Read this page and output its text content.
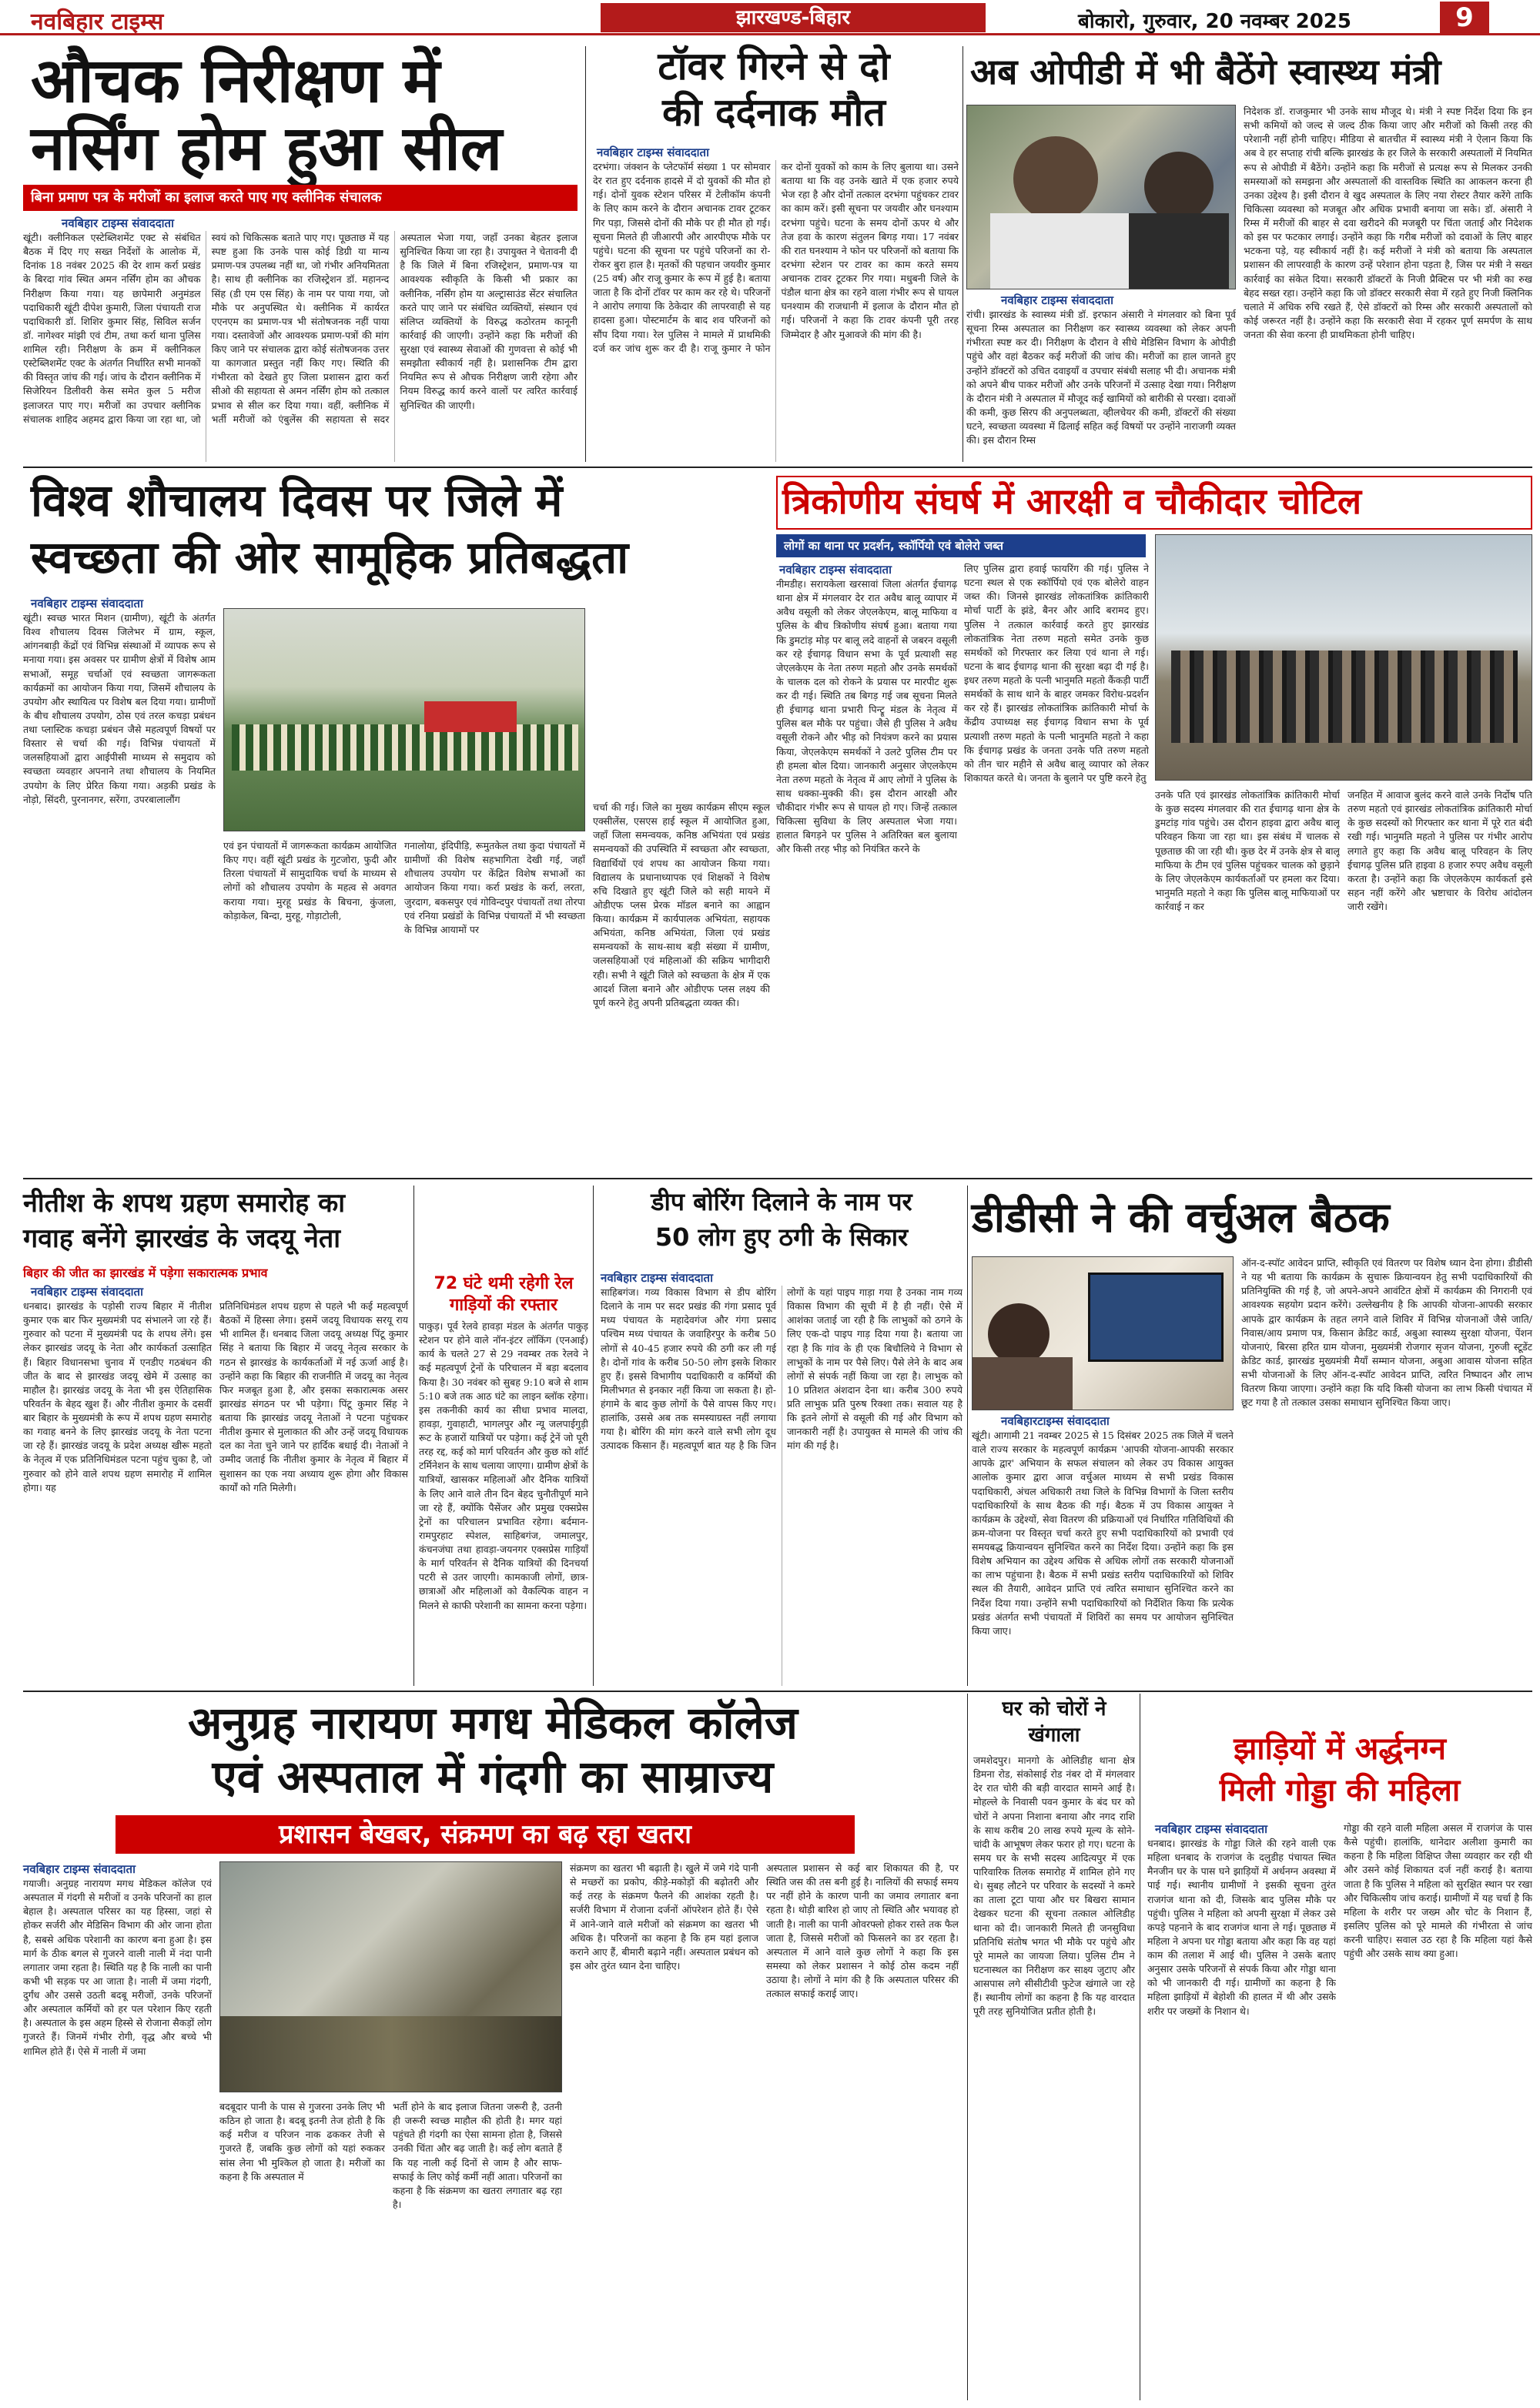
नवबिहार टाइम्स	झारखण्ड-बिहार	बोकारो, गुरुवार, 20 नवम्बर 2025	9
औचक निरीक्षण में
नर्सिंग होम हुआ सील
बिना प्रमाण पत्र के मरीजों का इलाज करते पाए गए क्लीनिक संचालक
नवबिहार टाइम्स संवाददाता
खूंटी। क्लीनिकल एस्टेब्लिशमेंट एक्ट से संबंधित बैठक में दिए गए सख्त निर्देशों के आलोक में, दिनांक 18 नवंबर 2025 की देर शाम कर्रा प्रखंड के बिरदा गांव स्थित अमन नर्सिंग होम का औचक निरीक्षण किया गया। यह छापेमारी अनुमंडल पदाधिकारी खूंटी दीपेश कुमारी, जिला पंचायती राज पदाधिकारी डॉ. शिशिर कुमार सिंह, सिविल सर्जन डॉ. नागेश्वर मांझी एवं टीम, तथा कर्रा थाना पुलिस शामिल रही। निरीक्षण के क्रम में क्लीनिकल एस्टेब्लिशमेंट एक्ट के अंतर्गत निर्धारित सभी मानकों की विस्तृत जांच की गई। जांच के दौरान क्लीनिक में सिजेरियन डिलीवरी केस समेत कुल 5 मरीज इलाजरत पाए गए। मरीजों का उपचार क्लीनिक संचालक शाहिद अहमद द्वारा किया जा रहा था, जो स्वयं को चिकित्सक बताते पाए गए। पूछताछ में यह स्पष्ट हुआ कि उनके पास कोई डिग्री या मान्य प्रमाण-पत्र उपलब्ध नहीं था, जो गंभीर अनियमितता है। साथ ही क्लीनिक का रजिस्ट्रेशन डॉ. महानन्द सिंह (डी एम एस सिंह) के नाम पर पाया गया, जो मौके पर अनुपस्थित थे। क्लीनिक में कार्यरत एएनएम का प्रमाण-पत्र भी संतोषजनक नहीं पाया गया। दस्तावेजों और आवश्यक प्रमाण-पत्रों की मांग किए जाने पर संचालक द्वारा कोई संतोषजनक उत्तर या कागजात प्रस्तुत नहीं किए गए। स्थिति की गंभीरता को देखते हुए जिला प्रशासन द्वारा कर्रा सीओ की सहायता से अमन नर्सिंग होम को तत्काल प्रभाव से सील कर दिया गया। वहीं, क्लीनिक में भर्ती मरीजों को एंबुलेंस की सहायता से सदर अस्पताल भेजा गया, जहाँ उनका बेहतर इलाज सुनिश्चित किया जा रहा है। उपायुक्त ने चेतावनी दी है कि जिले में बिना रजिस्ट्रेशन, प्रमाण-पत्र या आवश्यक स्वीकृति के किसी भी प्रकार का क्लीनिक, नर्सिंग होम या अल्ट्रासाउंड सेंटर संचालित करते पाए जाने पर संबंधित व्यक्तियों, संस्थान एवं संलिप्त व्यक्तियों के विरुद्ध कठोरतम कानूनी कार्रवाई की जाएगी। उन्होंने कहा कि मरीजों की सुरक्षा एवं स्वास्थ्य सेवाओं की गुणवत्ता से कोई भी समझौता स्वीकार्य नहीं है। प्रशासनिक टीम द्वारा नियमित रूप से औचक निरीक्षण जारी रहेगा और नियम विरुद्ध कार्य करने वालों पर त्वरित कार्रवाई सुनिश्चित की जाएगी।
टॉवर गिरने से दो
की दर्दनाक मौत
नवबिहार टाइम्स संवाददाता
दरभंगा। जंक्शन के प्लेटफॉर्म संख्या 1 पर सोमवार देर रात हुए दर्दनाक हादसे में दो युवकों की मौत हो गई। दोनों युवक स्टेशन परिसर में टेलीकॉम कंपनी के लिए काम करने के दौरान अचानक टावर टूटकर गिर पड़ा, जिससे दोनों की मौके पर ही मौत हो गई। सूचना मिलते ही जीआरपी और आरपीएफ मौके पर पहुंचे। घटना की सूचना पर पहुंचे परिजनों का रो-रोकर बुरा हाल है। मृतकों की पहचान जयवीर कुमार (25 वर्ष) और राजू कुमार के रूप में हुई है। बताया जाता है कि दोनों टॉवर पर काम कर रहे थे। परिजनों ने आरोप लगाया कि ठेकेदार की लापरवाही से यह हादसा हुआ। पोस्टमार्टम के बाद शव परिजनों को सौंप दिया गया। रेल पुलिस ने मामले में प्राथमिकी दर्ज कर जांच शुरू कर दी है। राजू कुमार ने फोन कर दोनों युवकों को काम के लिए बुलाया था। उसने बताया था कि वह उनके खाते में एक हजार रुपये भेज रहा है और दोनों तत्काल दरभंगा पहुंचकर टावर का काम करें। इसी सूचना पर जयवीर और घनश्याम दरभंगा पहुंचे। घटना के समय दोनों ऊपर थे और तेज हवा के कारण संतुलन बिगड़ गया। 17 नवंबर की रात घनश्याम ने फोन पर परिजनों को बताया कि दरभंगा स्टेशन पर टावर का काम करते समय अचानक टावर टूटकर गिर गया। मधुबनी जिले के पंडौल थाना क्षेत्र का रहने वाला गंभीर रूप से घायल घनश्याम की राजधानी में इलाज के दौरान मौत हो गई। परिजनों ने कहा कि टावर कंपनी पूरी तरह जिम्मेदार है और मुआवजे की मांग की है।
अब ओपीडी में भी बैठेंगे स्वास्थ्य मंत्री
नवबिहार टाइम्स संवाददाता
रांची। झारखंड के स्वास्थ्य मंत्री डॉ. इरफान अंसारी ने मंगलवार को बिना पूर्व सूचना रिम्स अस्पताल का निरीक्षण कर स्वास्थ्य व्यवस्था को लेकर अपनी गंभीरता स्पष्ट कर दी। निरीक्षण के दौरान वे सीधे मेडिसिन विभाग के ओपीडी पहुंचे और वहां बैठकर कई मरीजों की जांच की। मरीजों का हाल जानते हुए उन्होंने डॉक्टरों को उचित दवाइयाँ व उपचार संबंधी सलाह भी दी। अचानक मंत्री को अपने बीच पाकर मरीजों और उनके परिजनों में उत्साह देखा गया। निरीक्षण के दौरान मंत्री ने अस्पताल में मौजूद कई खामियों को बारीकी से परखा। दवाओं की कमी, कुछ सिरप की अनुपलब्धता, व्हीलचेयर की कमी, डॉक्टरों की संख्या घटने, स्वच्छता व्यवस्था में ढिलाई सहित कई विषयों पर उन्होंने नाराजगी व्यक्त की। इस दौरान रिम्स
निदेशक डॉ. राजकुमार भी उनके साथ मौजूद थे। मंत्री ने स्पष्ट निर्देश दिया कि इन सभी कमियों को जल्द से जल्द ठीक किया जाए और मरीजों को किसी तरह की परेशानी नहीं होनी चाहिए। मीडिया से बातचीत में स्वास्थ्य मंत्री ने ऐलान किया कि अब वे हर सप्ताह रांची बल्कि झारखंड के हर जिले के सरकारी अस्पतालों में नियमित रूप से ओपीडी में बैठेंगे। उन्होंने कहा कि मरीजों से प्रत्यक्ष रूप से मिलकर उनकी समस्याओं को समझना और अस्पतालों की वास्तविक स्थिति का आकलन करना ही उनका उद्देश्य है। इसी दौरान वे खुद अस्पताल के लिए नया रोस्टर तैयार करेंगे ताकि चिकित्सा व्यवस्था को मजबूत और अधिक प्रभावी बनाया जा सके। डॉ. अंसारी ने रिम्स में मरीजों की बाहर से दवा खरीदने की मजबूरी पर चिंता जताई और निदेशक को इस पर फटकार लगाई। उन्होंने कहा कि गरीब मरीजों को दवाओं के लिए बाहर भटकना पड़े, यह स्वीकार्य नहीं है। कई मरीजों ने मंत्री को बताया कि अस्पताल प्रशासन की लापरवाही के कारण उन्हें परेशान होना पड़ता है, जिस पर मंत्री ने सख्त कार्रवाई का संकेत दिया। सरकारी डॉक्टरों के निजी प्रैक्टिस पर भी मंत्री का रुख बेहद सख्त रहा। उन्होंने कहा कि जो डॉक्टर सरकारी सेवा में रहते हुए निजी क्लिनिक चलाते में अधिक रुचि रखते हैं, ऐसे डॉक्टरों को रिम्स और सरकारी अस्पतालों को कोई जरूरत नहीं है। उन्होंने कहा कि सरकारी सेवा में रहकर पूर्ण समर्पण के साथ जनता की सेवा करना ही प्राथमिकता होनी चाहिए।
विश्व शौचालय दिवस पर जिले में
स्वच्छता की ओर सामूहिक प्रतिबद्धता
नवबिहार टाइम्स संवाददाता
खूंटी। स्वच्छ भारत मिशन (ग्रामीण), खूंटी के अंतर्गत विश्व शौचालय दिवस जिलेभर में ग्राम, स्कूल, आंगनबाड़ी केंद्रों एवं विभिन्न संस्थाओं में व्यापक रूप से मनाया गया। इस अवसर पर ग्रामीण क्षेत्रों में विशेष आम सभाओं, समूह चर्चाओं एवं स्वच्छता जागरूकता कार्यक्रमों का आयोजन किया गया, जिसमें शौचालय के उपयोग और स्थायित्व पर विशेष बल दिया गया। ग्रामीणों के बीच शौचालय उपयोग, ठोस एवं तरल कचड़ा प्रबंधन तथा प्लास्टिक कचड़ा प्रबंधन जैसे महत्वपूर्ण विषयों पर विस्तार से चर्चा की गई। विभिन्न पंचायतों में जलसहियाओं द्वारा आईपीसी माध्यम से समुदाय को स्वच्छता व्यवहार अपनाने तथा शौचालय के नियमित उपयोग के लिए प्रेरित किया गया। अड़की प्रखंड के नोड़ो, सिंदरी, पुरनानगर, सरेंगा, उपरबालालौंग
एवं इन पंचायतों में जागरूकता कार्यक्रम आयोजित किए गए। वहीं खूंटी प्रखंड के गुटजोरा, फुदी और तिरला पंचायतों में सामुदायिक चर्चा के माध्यम से लोगों को शौचालय उपयोग के महत्व से अवगत कराया गया। मुरहू प्रखंड के बिचना, कुंजला, कोड़ाकेल, बिन्दा, मुरहू, गोड़ाटोली,
गनालोया, इंदिपीड़ि, रूमुतकेल तथा कुदा पंचायतों में ग्रामीणों की विशेष सहभागिता देखी गई, जहाँ शौचालय उपयोग पर केंद्रित विशेष सभाओं का आयोजन किया गया। कर्रा प्रखंड के कर्रा, लरता, जुरदाग, बकसपुर एवं गोविन्दपुर पंचायतों तथा तोरपा एवं रनिया प्रखंडों के विभिन्न पंचायतों में भी स्वच्छता के विभिन्न आयामों पर
चर्चा की गई। जिले का मुख्य कार्यक्रम सीएम स्कूल एक्सीलेंस, एसएस हाई स्कूल में आयोजित हुआ, जहाँ जिला समन्वयक, कनिष्ठ अभियंता एवं प्रखंड समन्वयकों की उपस्थिति में स्वच्छ्ता और स्वच्छ्ता, विद्यार्थियों एवं शपथ का आयोजन किया गया। विद्यालय के प्रधानाध्यापक एवं शिक्षकों ने विशेष रुचि दिखाते हुए खूंटी जिले को सही मायने में ओडीएफ प्लस प्रेरक मॉडल बनाने का आह्वान किया। कार्यक्रम में कार्यपालक अभियंता, सहायक अभियंता, कनिष्ठ अभियंता, जिला एवं प्रखंड समन्वयकों के साथ-साथ बड़ी संख्या में ग्रामीण, जलसहियाओं एवं महिलाओं की सक्रिय भागीदारी रही। सभी ने खूंटी जिले को स्वच्छता के क्षेत्र में एक आदर्श जिला बनाने और ओडीएफ प्लस लक्ष्य की पूर्ण करने हेतु अपनी प्रतिबद्धता व्यक्त की।
त्रिकोणीय संघर्ष में आरक्षी व चौकीदार चोटिल
लोगों का थाना पर प्रदर्शन, स्कॉर्पियो एवं बोलेरो जब्त
नवबिहार टाइम्स संवाददाता
नीमडीह। सरायकेला खरसावां जिला अंतर्गत ईचागढ़ थाना क्षेत्र में मंगलवार देर रात अवैध बालू व्यापार में अवैध वसूली को लेकर जेएलकेएम, बालू माफिया व पुलिस के बीच त्रिकोणीय संघर्ष हुआ। बताया गया कि डुमटांड़ मोड़ पर बालू लदे वाहनों से जबरन वसूली कर रहे ईचागढ़ विधान सभा के पूर्व प्रत्याशी सह जेएलकेएम के नेता तरुण महतो और उनके समर्थकों के चालक दल को रोकने के प्रयास पर मारपीट शुरू कर दी गई। स्थिति तब बिगड़ गई जब सूचना मिलते ही ईचागढ़ थाना प्रभारी पिन्ट्रू मंडल के नेतृत्व में पुलिस बल मौके पर पहुंचा। जैसे ही पुलिस ने अवैध वसूली रोकने और भीड़ को नियंत्रण करने का प्रयास किया, जेएलकेएम समर्थकों ने उलटे पुलिस टीम पर ही हमला बोल दिया। जानकारी अनुसार जेएलकेएम नेता तरुण महतो के नेतृत्व में आए लोगों ने पुलिस के साथ धक्का-मुक्की की। इस दौरान आरक्षी और चौकीदार गंभीर रूप से घायल हो गए। जिन्हें तत्काल चिकित्सा सुविधा के लिए अस्पताल भेजा गया। हालात बिगड़ने पर पुलिस ने अतिरिक्त बल बुलाया और किसी तरह भीड़ को नियंत्रित करने के
लिए पुलिस द्वारा हवाई फायरिंग की गई। पुलिस ने घटना स्थल से एक स्कॉर्पियो एवं एक बोलेरो वाहन जब्त की। जिनसे झारखंड लोकतांत्रिक क्रांतिकारी मोर्चा पार्टी के झंडे, बैनर और आदि बरामद हुए। पुलिस ने तत्काल कार्रवाई करते हुए झारखंड लोकतांत्रिक नेता तरुण महतो समेत उनके कुछ समर्थकों को गिरफ्तार कर लिया एवं थाना ले गई। घटना के बाद ईचागढ़ थाना की सुरक्षा बढ़ा दी गई है। इधर तरुण महतो के पत्नी भानुमति महतो कैंकड़ी पार्टी समर्थकों के साथ थाने के बाहर जमकर विरोध-प्रदर्शन कर रहे हैं। झारखंड लोकतांत्रिक क्रांतिकारी मोर्चा के केंद्रीय उपाध्यक्ष सह ईचागढ़ विधान सभा के पूर्व प्रत्याशी तरुण महतो के पत्नी भानुमति महतो ने कहा कि ईचागढ़ प्रखंड के जनता उनके पति तरुण महतो को तीन चार महीने से अवैध बालू व्यापार को लेकर शिकायत करते थे। जनता के बुलाने पर पुष्टि करने हेतु
उनके पति एवं झारखंड लोकतांत्रिक क्रांतिकारी मोर्चा के कुछ सदस्य मंगलवार की रात ईचागढ़ थाना क्षेत्र के डुमटांड़ गांव पहुंचे। उस दौरान हाइवा द्वारा अवैध बालू परिवहन किया जा रहा था। इस संबंध में चालक से पूछताछ की जा रही थी। कुछ देर में उनके क्षेत्र से बालू माफिया के टीम एवं पुलिस पहुंचकर चालक को छुड़ाने के लिए जेएलकेएम कार्यकर्ताओं पर हमला कर दिया। भानुमति महतो ने कहा कि पुलिस बालू माफियाओं पर कार्रवाई न कर
जनहित में आवाज बुलंद करने वाले उनके निर्दोष पति तरुण महतो एवं झारखंड लोकतांत्रिक क्रांतिकारी मोर्चा के कुछ सदस्यों को गिरफ्तार कर थाना में पूरे रात बंदी रखी गई। भानुमति महतो ने पुलिस पर गंभीर आरोप लगाते हुए कहा कि अवैध बालू परिवहन के लिए ईचागढ़ पुलिस प्रति हाइवा 8 हजार रुपए अवैध वसूली करता है। उन्होंने कहा कि जेएलकेएम कार्यकर्ता इसे सहन नहीं करेंगे और भ्रष्टाचार के विरोध आंदोलन जारी रखेंगे।
नीतीश के शपथ ग्रहण समारोह का
गवाह बनेंगे झारखंड के जदयू नेता
बिहार की जीत का झारखंड में पड़ेगा सकारात्मक प्रभाव
नवबिहार टाइम्स संवाददाता
धनबाद। झारखंड के पड़ोसी राज्य बिहार में नीतीश कुमार एक बार फिर मुख्यमंत्री पद संभालने जा रहे हैं। गुरुवार को पटना में मुख्यमंत्री पद के शपथ लेंगे। इस लेकर झारखंड जदयू के नेता और कार्यकर्ता उत्साहित हैं। बिहार विधानसभा चुनाव में एनडीए गठबंधन की जीत के बाद से झारखंड जदयू खेमे में उत्साह का माहौल है। झारखंड जदयू के नेता भी इस ऐतिहासिक परिवर्तन के बेहद खुश हैं। और नीतीश कुमार के दसवीं बार बिहार के मुख्यमंत्री के रूप में शपथ ग्रहण समारोह का गवाह बनने के लिए झारखंड जदयू के नेता पटना जा रहे हैं। झारखंड जदयू के प्रदेश अध्यक्ष खीरू महतो के नेतृत्व में एक प्रतिनिधिमंडल पटना पहुंच चुका है, जो गुरुवार को होने वाले शपथ ग्रहण समारोह में शामिल होगा। यह
प्रतिनिधिमंडल शपथ ग्रहण से पहले भी कई महत्वपूर्ण बैठकों में हिस्सा लेगा। इसमें जदयू विधायक सरयू राय भी शामिल हैं। धनबाद जिला जदयू अध्यक्ष पिंटू कुमार सिंह ने बताया कि बिहार में जदयू नेतृत्व सरकार के गठन से झारखंड के कार्यकर्ताओं में नई ऊर्जा आई है। उन्होंने कहा कि बिहार की राजनीति में जदयू का नेतृत्व फिर मजबूत हुआ है, और इसका सकारात्मक असर झारखंड संगठन पर भी पड़ेगा। पिंटू कुमार सिंह ने बताया कि झारखंड जदयू नेताओं ने पटना पहुंचकर नीतीश कुमार से मुलाकात की और उन्हें जदयू विधायक दल का नेता चुने जाने पर हार्दिक बधाई दी। नेताओं ने उम्मीद जताई कि नीतीश कुमार के नेतृत्व में बिहार में सुशासन का एक नया अध्याय शुरू होगा और विकास कार्यों को गति मिलेगी।
72 घंटे थमी रहेगी रेल
गाड़ियों की रफ्तार
पाकुड़। पूर्व रेलवे हावड़ा मंडल के अंतर्गत पाकुड़ स्टेशन पर होने वाले नॉन-इंटर लॉकिंग (एनआई) कार्य के चलते 27 से 29 नवम्बर तक रेलवे ने कई महत्वपूर्ण ट्रेनों के परिचालन में बड़ा बदलाव किया है। 30 नवंबर को सुबह 9:10 बजे से शाम 5:10 बजे तक आठ घंटे का लाइन ब्लॉक रहेगा। इस तकनीकी कार्य का सीधा प्रभाव मालदा, हावड़ा, गुवाहाटी, भागलपुर और न्यू जलपाईगुड़ी रूट के हजारों यात्रियों पर पड़ेगा। कई ट्रेनें जो पूरी तरह रद्द, कई को मार्ग परिवर्तन और कुछ को शॉर्ट टर्मिनेशन के साथ चलाया जाएगा। ग्रामीण क्षेत्रों के यात्रियों, खासकर महिलाओं और दैनिक यात्रियों के लिए आने वाले तीन दिन बेहद चुनौतीपूर्ण माने जा रहे हैं, क्योंकि पैसेंजर और प्रमुख एक्सप्रेस ट्रेनों का परिचालन प्रभावित रहेगा। बर्दमान-रामपुरहाट स्पेशल, साहिबगंज, जमालपुर, कंचनजंघा तथा हावड़ा-जयनगर एक्सप्रेस गाड़ियाँ के मार्ग परिवर्तन से दैनिक यात्रियों की दिनचर्या पटरी से उतर जाएगी। कामकाजी लोगों, छात्र-छात्राओं और महिलाओं को वैकल्पिक वाहन न मिलने से काफी परेशानी का सामना करना पड़ेगा।
डीप बोरिंग दिलाने के नाम पर
50 लोग हुए ठगी के सिकार
नवबिहार टाइम्स संवाददाता
साहिबगंज। गव्य विकास विभाग से डीप बोरिंग दिलाने के नाम पर सदर प्रखंड की गंगा प्रसाद पूर्व मध्य पंचायत के महादेवगंज और गंगा प्रसाद पश्चिम मध्य पंचायत के जवाहिरपुर के करीब 50 लोगों से 40-45 हजार रुपये की ठगी कर ली गई है। दोनों गांव के करीब 50-50 लोग इसके शिकार हुए हैं। इससे विभागीय पदाधिकारी व कर्मियों की मिलीभगत से इनकार नहीं किया जा सकता है। हो-हंगामे के बाद कुछ लोगों के पैसे वापस किए गए। हालांकि, उससे अब तक समस्याग्रस्त नहीं लगाया गया है। बोरिंग की मांग करने वाले सभी लोग दूध उत्पादक किसान हैं। महत्वपूर्ण बात यह है कि जिन लोगों के यहां पाइप गाड़ा गया है उनका नाम गव्य विकास विभाग की सूची में है ही नहीं। ऐसे में आशंका जताई जा रही है कि लाभुकों को ठगने के लिए एक-दो पाइप गाड़ दिया गया है। बताया जा रहा है कि गांव के ही एक बिचौलिये ने विभाग से लाभुकों के नाम पर पैसे लिए। पैसे लेने के बाद अब लोगों से संपर्क नहीं किया जा रहा है। लाभुक को 10 प्रतिशत अंशदान देना था। करीब 300 रुपये प्रति लाभुक प्रति पुरुष रिक्शा तक। सवाल यह है कि इतने लोगों से वसूली की गई और विभाग को जानकारी नहीं है। उपायुक्त से मामले की जांच की मांग की गई है।
डीडीसी ने की वर्चुअल बैठक
नवबिहारटाइम्स संवाददाता
खूंटी। आगामी 21 नवम्बर 2025 से 15 दिसंबर 2025 तक जिले में चलने वाले राज्य सरकार के महत्वपूर्ण कार्यक्रम 'आपकी योजना-आपकी सरकार आपके द्वार' अभियान के सफल संचालन को लेकर उप विकास आयुक्त आलोक कुमार द्वारा आज वर्चुअल माध्यम से सभी प्रखंड विकास पदाधिकारी, अंचल अधिकारी तथा जिले के विभिन्न विभागों के जिला स्तरीय पदाधिकारियों के साथ बैठक की गई। बैठक में उप विकास आयुक्त ने कार्यक्रम के उद्देश्यों, सेवा वितरण की प्रक्रियाओं एवं निर्धारित गतिविधियों की क्रम-योजना पर विस्तृत चर्चा करते हुए सभी पदाधिकारियों को प्रभावी एवं समयबद्ध क्रियान्वयन सुनिश्चित करने का निर्देश दिया। उन्होंने कहा कि इस विशेष अभियान का उद्देश्य अधिक से अधिक लोगों तक सरकारी योजनाओं का लाभ पहुंचाना है। बैठक में सभी प्रखंड स्तरीय पदाधिकारियों को शिविर स्थल की तैयारी, आवेदन प्राप्ति एवं त्वरित समाधान सुनिश्चित करने का निर्देश दिया गया। उन्होंने सभी पदाधिकारियों को निर्देशित किया कि प्रत्येक प्रखंड अंतर्गत सभी पंचायतों में शिविरों का समय पर आयोजन सुनिश्चित किया जाए।
ऑन-द-स्पॉट आवेदन प्राप्ति, स्वीकृति एवं वितरण पर विशेष ध्यान देना होगा। डीडीसी ने यह भी बताया कि कार्यक्रम के सुचारू क्रियान्वयन हेतु सभी पदाधिकारियों की प्रतिनियुक्ति की गई है, जो अपने-अपने आवंटित क्षेत्रों में कार्यक्रम की निगरानी एवं आवश्यक सहयोग प्रदान करेंगे। उल्लेखनीय है कि आपकी योजना-आपकी सरकार आपके द्वार कार्यक्रम के तहत लगने वाले शिविर में विभिन्न योजनाओं जैसे जाति/निवास/आय प्रमाण पत्र, किसान क्रेडिट कार्ड, अबुआ स्वास्थ्य सुरक्षा योजना, पेंशन योजनाएं, बिरसा हरित ग्राम योजना, मुख्यमंत्री रोजगार सृजन योजना, गुरुजी स्टूडेंट क्रेडिट कार्ड, झारखंड मुख्यमंत्री मैयाँ सम्मान योजना, अबुआ आवास योजना सहित सभी योजनाओं के लिए ऑन-द-स्पॉट आवेदन प्राप्ति, त्वरित निष्पादन और लाभ वितरण किया जाएगा। उन्होंने कहा कि यदि किसी योजना का लाभ किसी पंचायत में छूट गया है तो तत्काल उसका समाधान सुनिश्चित किया जाए।
अनुग्रह नारायण मगध मेडिकल कॉलेज
एवं अस्पताल में गंदगी का साम्राज्य
प्रशासन बेखबर, संक्रमण का बढ़ रहा खतरा
नवबिहार टाइम्स संवाददाता
गयाजी। अनुग्रह नारायण मगध मेडिकल कॉलेज एवं अस्पताल में गंदगी से मरीजों व उनके परिजनों का हाल बेहाल है। अस्पताल परिसर का यह हिस्सा, जहां से होकर सर्जरी और मेडिसिन विभाग की ओर जाना होता है, सबसे अधिक परेशानी का कारण बना हुआ है। इस मार्ग के ठीक बगल से गुजरने वाली नाली में नंदा पानी लगातार जमा रहता है। स्थिति यह है कि नाली का पानी कभी भी सड़क पर आ जाता है। नाली में जमा गंदगी, दुर्गंध और उससे उठती बदबू मरीजों, उनके परिजनों और अस्पताल कर्मियों को हर पल परेशान किए रहती है। अस्पताल के इस अहम हिस्से से रोजाना सैकड़ों लोग गुजरते हैं। जिनमें गंभीर रोगी, वृद्ध और बच्चे भी शामिल होते हैं। ऐसे में नाली में जमा
बदबूदार पानी के पास से गुजरना उनके लिए भी कठिन हो जाता है। बदबू इतनी तेज होती है कि कई मरीज व परिजन नाक ढककर तेजी से गुजरते हैं, जबकि कुछ लोगों को यहां रुककर सांस लेना भी मुश्किल हो जाता है। मरीजों का कहना है कि अस्पताल में
भर्ती होने के बाद इलाज जितना जरूरी है, उतनी ही जरूरी स्वच्छ माहौल की होती है। मगर यहां पहुंचते ही गंदगी का ऐसा सामना होता है, जिससे उनकी चिंता और बढ़ जाती है। कई लोग बताते हैं कि यह नाली कई दिनों से जाम है और साफ-सफाई के लिए कोई कर्मी नहीं आता। परिजनों का कहना है कि संक्रमण का खतरा लगातार बढ़ रहा है।
संक्रमण का खतरा भी बढ़ाती है। खुले में जमे गंदे पानी से मच्छरों का प्रकोप, कीड़े-मकोड़ों की बढ़ोतरी और कई तरह के संक्रमण फैलने की आशंका रहती है। सर्जरी विभाग में रोजाना दर्जनों ऑपरेशन होते हैं। ऐसे में आने-जाने वाले मरीजों को संक्रमण का खतरा भी अधिक है। परिजनों का कहना है कि हम यहां इलाज कराने आए हैं, बीमारी बढ़ाने नहीं। अस्पताल प्रबंधन को इस ओर तुरंत ध्यान देना चाहिए।
अस्पताल प्रशासन से कई बार शिकायत की है, पर स्थिति जस की तस बनी हुई है। नालियों की सफाई समय पर नहीं होने के कारण पानी का जमाव लगातार बना रहता है। थोड़ी बारिश हो जाए तो स्थिति और भयावह हो जाती है। नाली का पानी ओवरफ्लो होकर रास्ते तक फैल जाता है, जिससे मरीजों को फिसलने का डर रहता है। अस्पताल में आने वाले कुछ लोगों ने कहा कि इस समस्या को लेकर प्रशासन ने कोई ठोस कदम नहीं उठाया है। लोगों ने मांग की है कि अस्पताल परिसर की तत्काल सफाई कराई जाए।
घर को चोरों ने
खंगाला
जमशेदपुर। मानगो के ओलिडीह थाना क्षेत्र डिमना रोड, संकोसाई रोड नंबर दो में मंगलवार देर रात चोरी की बड़ी वारदात सामने आई है। मोहल्ले के निवासी पवन कुमार के बंद घर को चोरों ने अपना निशाना बनाया और नगद राशि के साथ करीब 20 लाख रुपये मूल्य के सोने-चांदी के आभूषण लेकर फरार हो गए। घटना के समय घर के सभी सदस्य आदित्यपुर में एक पारिवारिक तिलक समारोह में शामिल होने गए थे। सुबह लौटने पर परिवार के सदस्यों ने कमरे का ताला टूटा पाया और घर बिखरा सामान देखकर घटना की सूचना तत्काल ओलिडीह थाना को दी। जानकारी मिलते ही जनसुविधा प्रतिनिधि संतोष भगत भी मौके पर पहुंचे और पूरे मामले का जायजा लिया। पुलिस टीम ने घटनास्थल का निरीक्षण कर साक्ष्य जुटाए और आसपास लगे सीसीटीवी फुटेज खंगाले जा रहे हैं। स्थानीय लोगों का कहना है कि यह वारदात पूरी तरह सुनियोजित प्रतीत होती है।
झाड़ियों में अर्द्धनग्न
मिली गोड्डा की महिला
नवबिहार टाइम्स संवाददाता
धनबाद। झारखंड के गोड्डा जिले की रहने वाली एक महिला धनबाद के राजगंज के दलुडीह पंचायत स्थित मैनजीन घर के पास घने झाड़ियों में अर्धनग्न अवस्था में पाई गई। स्थानीय ग्रामीणों ने इसकी सूचना तुरंत राजगंज थाना को दी, जिसके बाद पुलिस मौके पर पहुंची। पुलिस ने महिला को अपनी सुरक्षा में लेकर उसे कपड़े पहनाने के बाद राजगंज थाना ले गई। पूछताछ में महिला ने अपना घर गोड्डा बताया और कहा कि वह यहां काम की तलाश में आई थी। पुलिस ने उसके बताए अनुसार उसके परिजनों से संपर्क किया और गोड्डा थाना को भी जानकारी दी गई। ग्रामीणों का कहना है कि महिला झाड़ियों में बेहोशी की हालत में थी और उसके शरीर पर जख्मों के निशान थे।
गोड्डा की रहने वाली महिला असल में राजगंज के पास कैसे पहुंची। हालांकि, थानेदार अलीशा कुमारी का कहना है कि महिला विक्षिप्त जैसा व्यवहार कर रही थी और उसने कोई शिकायत दर्ज नहीं कराई है। बताया जाता है कि पुलिस ने महिला को सुरक्षित स्थान पर रखा और चिकित्सीय जांच कराई। ग्रामीणों में यह चर्चा है कि महिला के शरीर पर जख्म और चोट के निशान हैं, इसलिए पुलिस को पूरे मामले की गंभीरता से जांच करनी चाहिए। सवाल उठ रहा है कि महिला यहां कैसे पहुंची और उसके साथ क्या हुआ।
